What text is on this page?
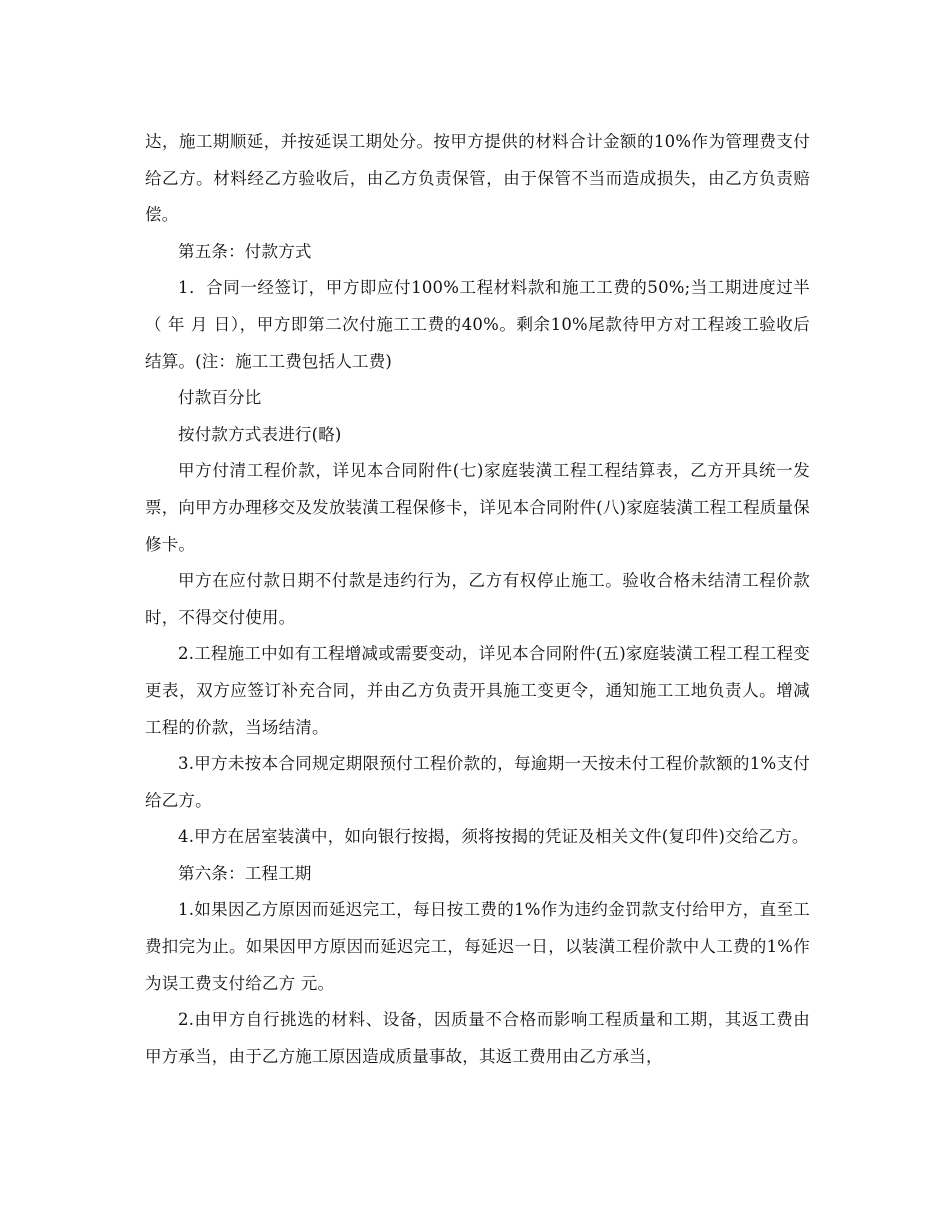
达，施工期顺延，并按延误工期处分。按甲方提供的材料合计金额的10%作为管理费支付给乙方。材料经乙方验收后，由乙方负责保管，由于保管不当而造成损失，由乙方负责赔偿。

第五条：付款方式

1．合同一经签订，甲方即应付100%工程材料款和施工工费的50%;当工期进度过半（ 年 月 日），甲方即第二次付施工工费的40%。剩余10%尾款待甲方对工程竣工验收后结算。(注：施工工费包括人工费)

付款百分比

按付款方式表进行(略)

甲方付清工程价款，详见本合同附件(七)家庭装潢工程工程结算表，乙方开具统一发票，向甲方办理移交及发放装潢工程保修卡，详见本合同附件(八)家庭装潢工程工程质量保修卡。

甲方在应付款日期不付款是违约行为，乙方有权停止施工。验收合格未结清工程价款时，不得交付使用。

2.工程施工中如有工程增减或需要变动，详见本合同附件(五)家庭装潢工程工程工程变更表，双方应签订补充合同，并由乙方负责开具施工变更令，通知施工工地负责人。增减工程的价款，当场结清。

3.甲方未按本合同规定期限预付工程价款的，每逾期一天按未付工程价款额的1%支付给乙方。

4.甲方在居室装潢中，如向银行按揭，须将按揭的凭证及相关文件(复印件)交给乙方。

第六条：工程工期

1.如果因乙方原因而延迟完工，每日按工费的1%作为违约金罚款支付给甲方，直至工费扣完为止。如果因甲方原因而延迟完工，每延迟一日，以装潢工程价款中人工费的1%作为误工费支付给乙方 元。

2.由甲方自行挑选的材料、设备，因质量不合格而影响工程质量和工期，其返工费由甲方承当，由于乙方施工原因造成质量事故，其返工费用由乙方承当，
